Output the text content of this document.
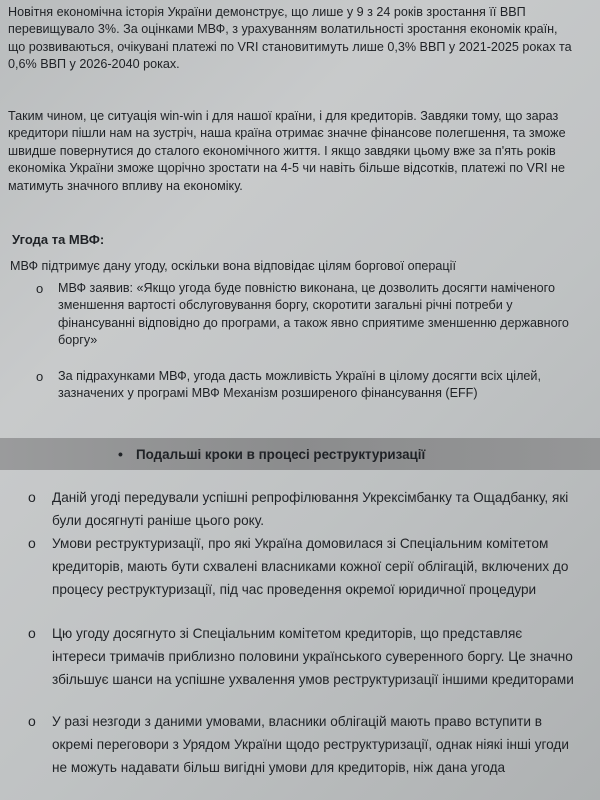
Новітня економічна історія України демонструє, що лише у 9 з 24 років зростання її ВВП перевищувало 3%. За оцінками МВФ, з урахуванням волатильності зростання економік країн, що розвиваються, очікувані платежі по VRI становитимуть лише 0,3% ВВП у 2021-2025 роках та 0,6% ВВП у 2026-2040 роках.

Таким чином, це ситуація win-win і для нашої країни, і для кредиторів. Завдяки тому, що зараз кредитори пішли нам на зустріч, наша країна отримає значне фінансове полегшення, та зможе швидше повернутися до сталого економічного життя. І якщо завдяки цьому вже за п'ять років економіка України зможе щорічно зростати на 4-5 чи навіть більше відсотків, платежі по VRI не матимуть значного впливу на економіку.

Угода та МВФ:

МВФ підтримує дану угоду, оскільки вона відповідає цілям боргової операції

o	МВФ заявив: «Якщо угода буде повністю виконана, це дозволить досягти наміченого зменшення вартості обслуговування боргу, скоротити загальні річні потреби у фінансуванні відповідно до програми, а також явно сприятиме зменшенню державного боргу»
o	За підрахунками МВФ, угода дасть можливість Україні в цілому досягти всіх цілей, зазначених у програмі МВФ Механізм розширеного фінансування (EFF)
• Подальші кроки в процесі реструктуризації
o	Даній угоді передували успішні репрофілювання Укрексімбанку та Ощадбанку, які були досягнуті раніше цього року.
o	Умови реструктуризації, про які Україна домовилася зі Спеціальним комітетом кредиторів, мають бути схвалені власниками кожної серії облігацій, включених до процесу реструктуризації, під час проведення окремої юридичної процедури
o	Цю угоду досягнуто зі Спеціальним комітетом кредиторів, що представляє інтереси тримачів приблизно половини українського суверенного боргу. Це значно збільшує шанси на успішне ухвалення умов реструктуризації іншими кредиторами
o	У разі незгоди з даними умовами, власники облігацій мають право вступити в окремі переговори з Урядом України щодо реструктуризації, однак ніякі інші угоди не можуть надавати більш вигідні умови для кредиторів, ніж дана угода
